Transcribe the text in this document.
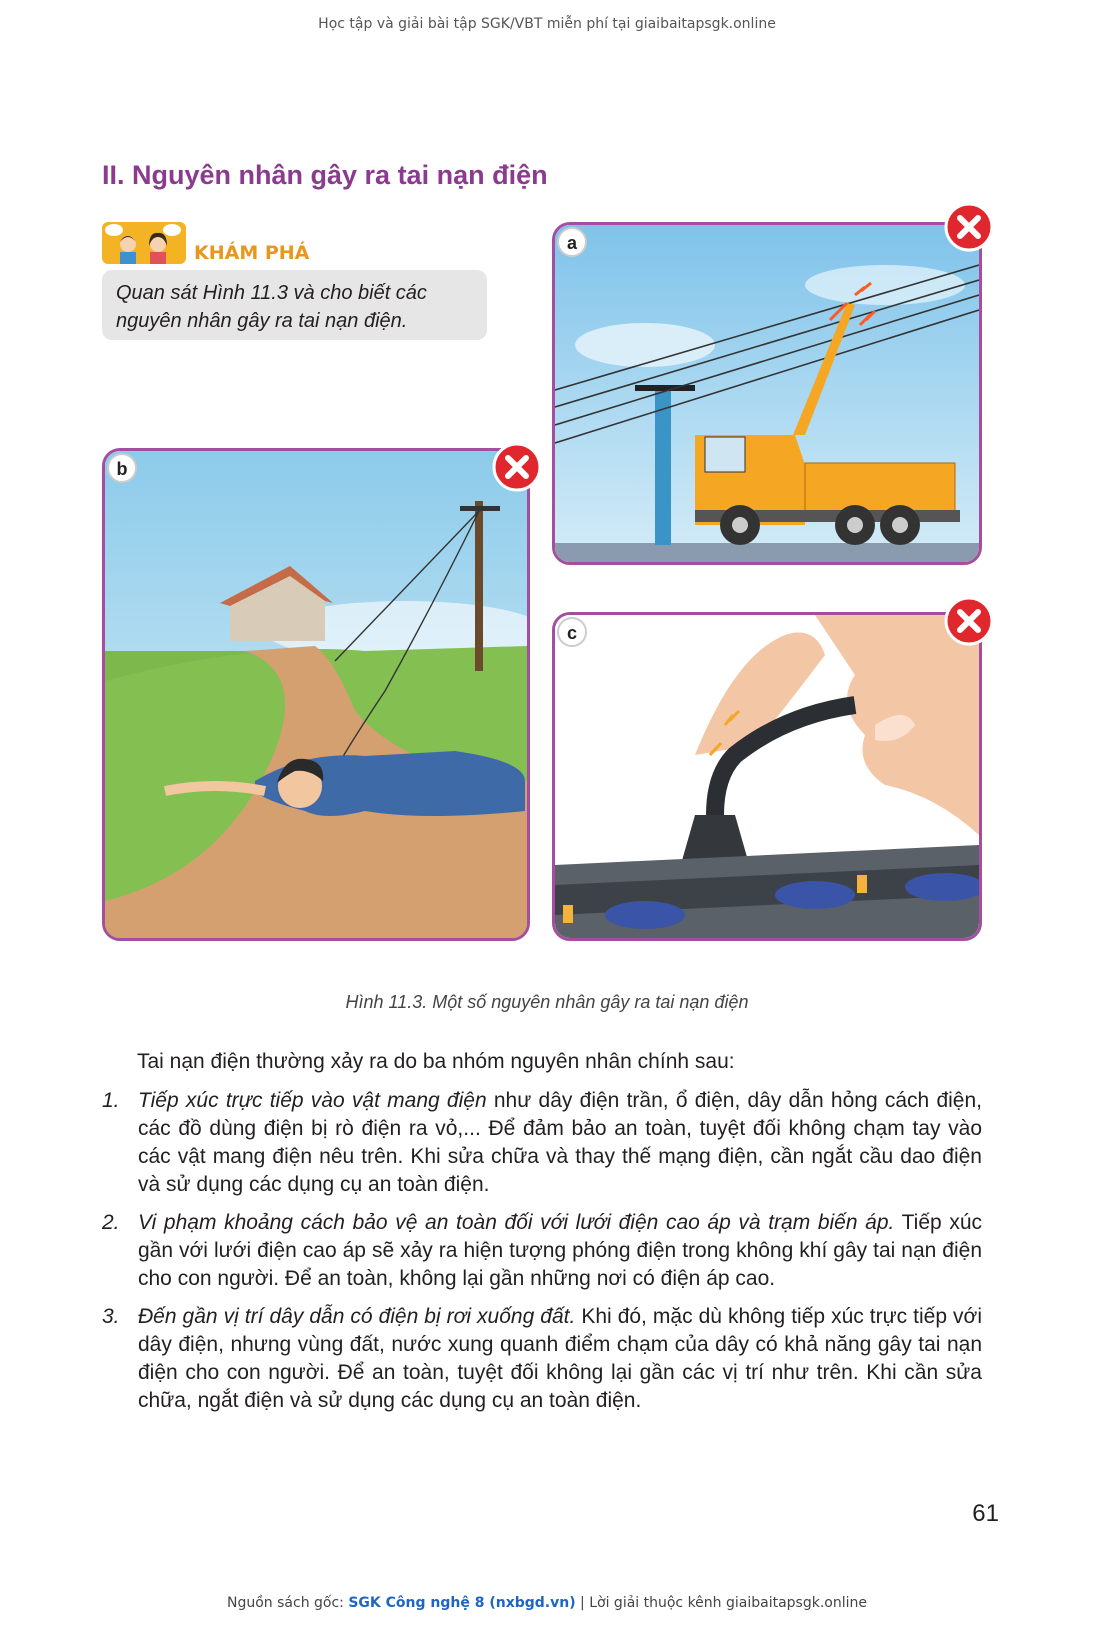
Học tập và giải bài tập SGK/VBT miễn phí tại giaibaitapsgk.online
II. Nguyên nhân gây ra tai nạn điện
KHÁM PHÁ
Quan sát Hình 11.3 và cho biết các nguyên nhân gây ra tai nạn điện.
a
b
c
Hình 11.3. Một số nguyên nhân gây ra tai nạn điện
Tai nạn điện thường xảy ra do ba nhóm nguyên nhân chính sau:
1. Tiếp xúc trực tiếp vào vật mang điện như dây điện trần, ổ điện, dây dẫn hỏng cách điện, các đồ dùng điện bị rò điện ra vỏ,... Để đảm bảo an toàn, tuyệt đối không chạm tay vào các vật mang điện nêu trên. Khi sửa chữa và thay thế mạng điện, cần ngắt cầu dao điện và sử dụng các dụng cụ an toàn điện.
2. Vi phạm khoảng cách bảo vệ an toàn đối với lưới điện cao áp và trạm biến áp. Tiếp xúc gần với lưới điện cao áp sẽ xảy ra hiện tượng phóng điện trong không khí gây tai nạn điện cho con người. Để an toàn, không lại gần những nơi có điện áp cao.
3. Đến gần vị trí dây dẫn có điện bị rơi xuống đất. Khi đó, mặc dù không tiếp xúc trực tiếp với dây điện, nhưng vùng đất, nước xung quanh điểm chạm của dây có khả năng gây tai nạn điện cho con người. Để an toàn, tuyệt đối không lại gần các vị trí như trên. Khi cần sửa chữa, ngắt điện và sử dụng các dụng cụ an toàn điện.
61
Nguồn sách gốc: SGK Công nghệ 8 (nxbgd.vn) | Lời giải thuộc kênh giaibaitapsgk.online
